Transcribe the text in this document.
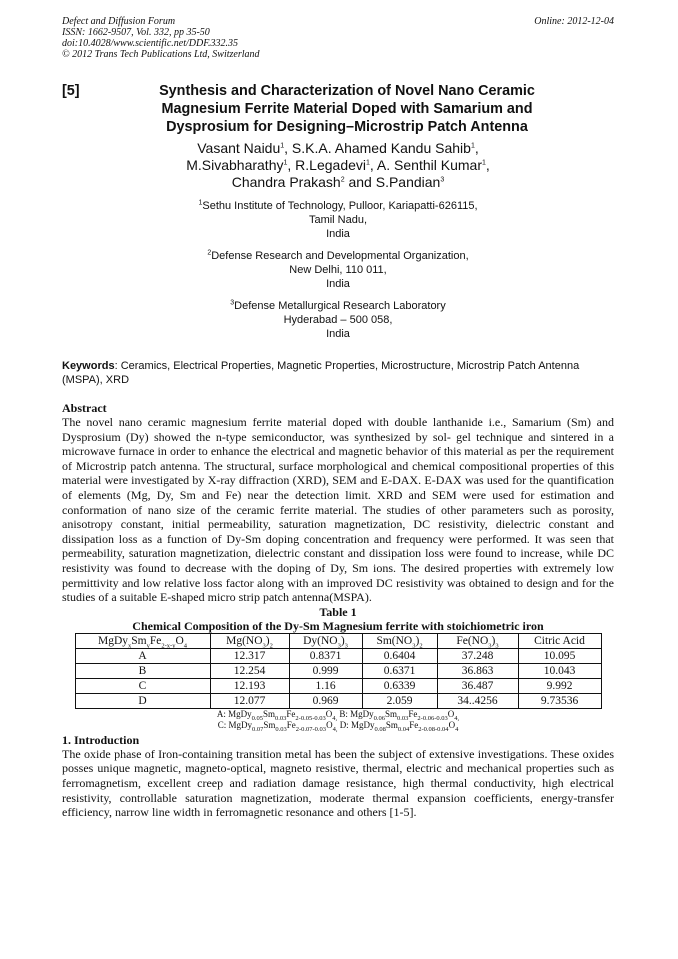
Defect and Diffusion Forum
ISSN: 1662-9507, Vol. 332, pp 35-50
doi:10.4028/www.scientific.net/DDF.332.35
© 2012 Trans Tech Publications Ltd, Switzerland
Online: 2012-12-04
[5]	Synthesis and Characterization of Novel Nano Ceramic
Magnesium Ferrite Material Doped with Samarium and
Dysprosium for Designing–Microstrip Patch Antenna
Vasant Naidu$^1$, S.K.A. Ahamed Kandu Sahib$^1$,
M.Sivabharathy$^1$, R.Legadevi$^1$, A. Senthil Kumar$^1$,
Chandra Prakash$^2$ and S.Pandian$^3$
$^1$Sethu Institute of Technology, Pulloor, Kariapatti-626115,
Tamil Nadu,
India
$^2$Defense Research and Developmental Organization,
New Delhi, 110 011,
India
$^3$Defense Metallurgical Research Laboratory
Hyderabad – 500 058,
India
Keywords: Ceramics, Electrical Properties, Magnetic Properties, Microstructure, Microstrip Patch Antenna (MSPA), XRD
Abstract

The novel nano ceramic magnesium ferrite material doped with double lanthanide i.e., Samarium (Sm) and Dysprosium (Dy) showed the n-type semiconductor, was synthesized by sol- gel technique and sintered in a microwave furnace in order to enhance the electrical and magnetic behavior of this material as per the requirement of Microstrip patch antenna. The structural, surface morphological and chemical compositional properties of this material were investigated by X-ray diffraction (XRD), SEM and E-DAX. E-DAX was used for the quantification of elements (Mg, Dy, Sm and Fe) near the detection limit. XRD and SEM were used for estimation and conformation of nano size of the ceramic ferrite material. The studies of other parameters such as porosity, anisotropy constant, initial permeability, saturation magnetization, DC resistivity, dielectric constant and dissipation loss as a function of Dy-Sm doping concentration and frequency were performed. It was seen that permeability, saturation magnetization, dielectric constant and dissipation loss were found to increase, while DC resistivity was found to decrease with the doping of Dy, Sm ions. The desired properties with extremely low permittivity and low relative loss factor along with an improved DC resistivity was obtained to design and for the studies of a suitable E-shaped micro strip patch antenna(MSPA).

Table 1
Chemical Composition of the Dy-Sm Magnesium ferrite with stoichiometric iron
$MgDy_xSm_yFe_{2-x-y}O_4$	$Mg(NO_3)_2$	$Dy(NO_3)_3$	$Sm(NO_3)_2$	$Fe(NO_3)_3$	Citric Acid
A	12.317	0.8371	0.6404	37.248	10.095
B	12.254	0.999	0.6371	36.863	10.043
C	12.193	1.16	0.6339	36.487	9.992
D	12.077	0.969	2.059	34..4256	9.73536
A: $MgDy_{0.05}Sm_{0.03}Fe_{2-0.05-0.03}O_{4,}$ B: $MgDy_{0.06}Sm_{0.03}Fe_{2-0.06-0.03}O_{4,}$
C: $MgDy_{0.07}Sm_{0.03}Fe_{2-0.07-0.03}O_{4,}$ D: $MgDy_{0.08}Sm_{0.04}Fe_{2-0.08-0.04}O_4$
1. Introduction

The oxide phase of Iron-containing transition metal has been the subject of extensive investigations. These oxides posses unique magnetic, magneto-optical, magneto resistive, thermal, electric and mechanical properties such as ferromagnetism, excellent creep and radiation damage resistance, high thermal conductivity, high electrical resistivity, controllable saturation magnetization, moderate thermal expansion coefficients, energy-transfer efficiency, narrow line width in ferromagnetic resonance and others [1-5].
